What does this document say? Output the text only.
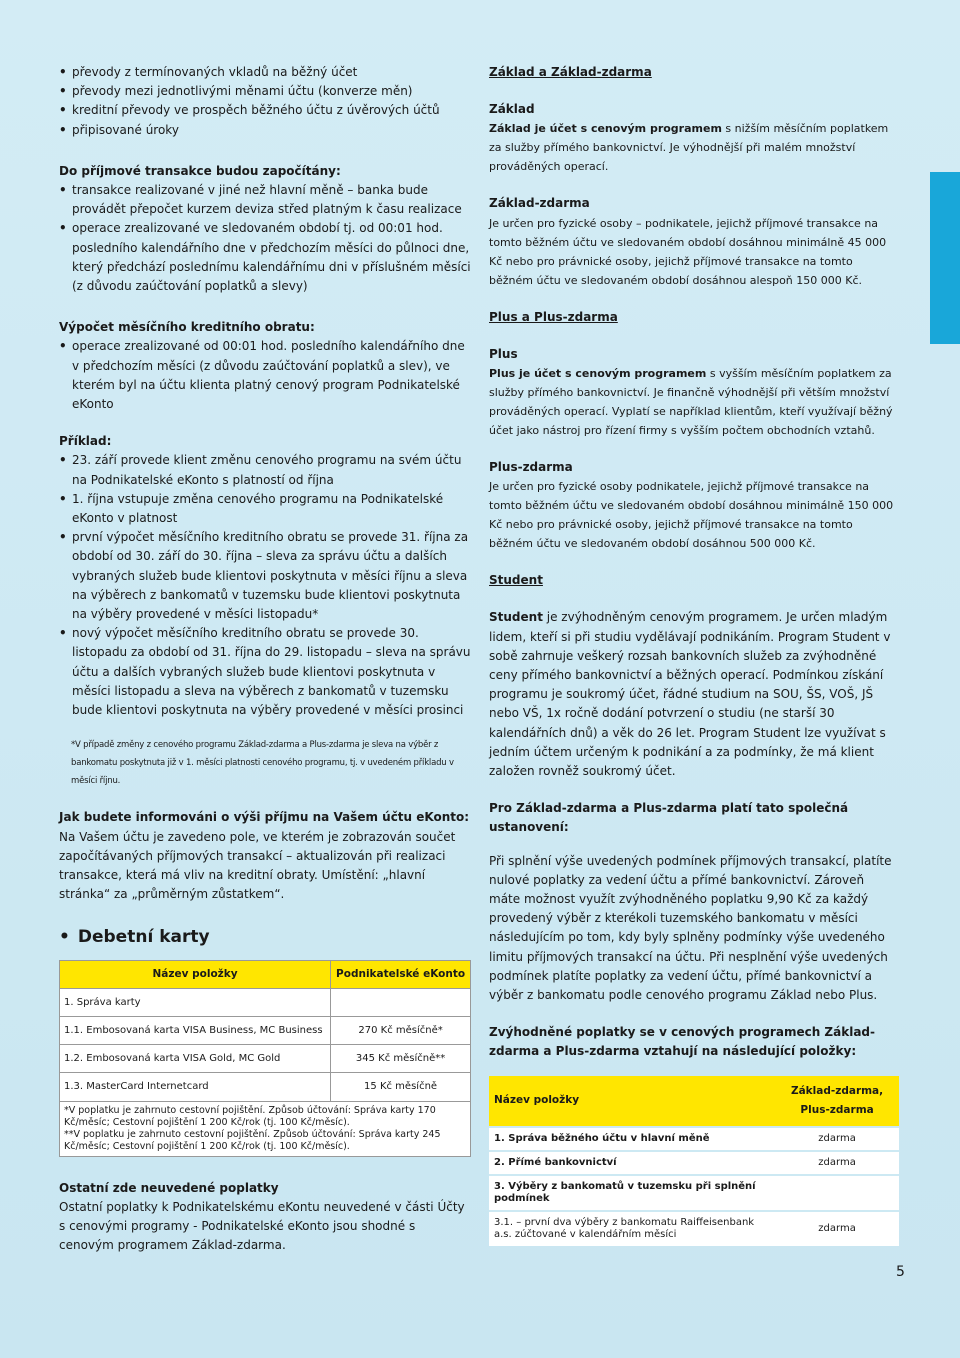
• převody z termínovaných vkladů na běžný účet
• převody mezi jednotlivými měnami účtu (konverze měn)
• kreditní převody ve prospěch běžného účtu z úvěrových účtů
• připisované úroky
Do příjmové transakce budou započítány:
• transakce realizované v jiné než hlavní měně – banka bude provádět přepočet kurzem deviza střed platným k času realizace
• operace zrealizované ve sledovaném období tj. od 00:01 hod. posledního kalendářního dne v předchozím měsíci do půlnoci dne, který předchází poslednímu kalendářnímu dni v příslušném měsíci (z důvodu zaúčtování poplatků a slevy)
Výpočet měsíčního kreditního obratu:
• operace zrealizované od 00:01 hod. posledního kalendářního dne v předchozím měsíci (z důvodu zaúčtování poplatků a slev), ve kterém byl na účtu klienta platný cenový program Podnikatelské eKonto
Příklad:
• 23. září provede klient změnu cenového programu na svém účtu na Podnikatelské eKonto s platností od října
• 1. října vstupuje změna cenového programu na Podnikatelské eKonto v platnost
• první výpočet měsíčního kreditního obratu se provede 31. října za období od 30. září do 30. října – sleva za správu účtu a dalších vybraných služeb bude klientovi poskytnuta v měsíci říjnu a sleva na výběrech z bankomatů v tuzemsku bude klientovi poskytnuta na výběry provedené v měsíci listopadu*
• nový výpočet měsíčního kreditního obratu se provede 30. listopadu za období od 31. října do 29. listopadu – sleva na správu účtu a dalších vybraných služeb bude klientovi poskytnuta v měsíci listopadu a sleva na výběrech z bankomatů v tuzemsku bude klientovi poskytnuta na výběry provedené v měsíci prosinci
*V případě změny z cenového programu Základ-zdarma a Plus-zdarma je sleva na výběr z bankomatu poskytnuta již v 1. měsíci platnosti cenového programu, tj. v uvedeném příkladu v měsíci říjnu.
Jak budete informováni o výši příjmu na Vašem účtu eKonto:
Na Vašem účtu je zavedeno pole, ve kterém je zobrazován součet započítávaných příjmových transakcí – aktualizován při realizaci transakce, která má vliv na kreditní obraty. Umístění: „hlavní stránka“ za „průměrným zůstatkem“.
• Debetní karty
Název položky	Podnikatelské eKonto
1. Správa karty	
1.1. Embosovaná karta VISA Business, MC Business	270 Kč měsíčně*
1.2. Embosovaná karta VISA Gold, MC Gold	345 Kč měsíčně**
1.3. MasterCard Internetcard	15 Kč měsíčně
*V poplatku je zahrnuto cestovní pojištění. Způsob účtování: Správa karty 170 Kč/měsíc; Cestovní pojištění 1 200 Kč/rok (tj. 100 Kč/měsíc).
**V poplatku je zahrnuto cestovní pojištění. Způsob účtování: Správa karty 245 Kč/měsíc; Cestovní pojištění 1 200 Kč/rok (tj. 100 Kč/měsíc).
Ostatní zde neuvedené poplatky
Ostatní poplatky k Podnikatelskému eKontu neuvedené v části Účty s cenovými programy - Podnikatelské eKonto jsou shodné s cenovým programem Základ-zdarma.
Základ a Základ-zdarma
Základ
Základ je účet s cenovým programem s nižším měsíčním poplatkem za služby přímého bankovnictví. Je výhodnější při malém množství prováděných operací.
Základ-zdarma
Je určen pro fyzické osoby – podnikatele, jejichž příjmové transakce na tomto běžném účtu ve sledovaném období dosáhnou minimálně 45 000 Kč nebo pro právnické osoby, jejichž příjmové transakce na tomto běžném účtu ve sledovaném období dosáhnou alespoň 150 000 Kč.
Plus a Plus-zdarma
Plus
Plus je účet s cenovým programem s vyšším měsíčním poplatkem za služby přímého bankovnictví. Je finančně výhodnější při větším množství prováděných operací. Vyplatí se například klientům, kteří využívají běžný účet jako nástroj pro řízení firmy s vyšším počtem obchodních vztahů.
Plus-zdarma
Je určen pro fyzické osoby podnikatele, jejichž příjmové transakce na tomto běžném účtu ve sledovaném období dosáhnou minimálně 150 000 Kč nebo pro právnické osoby, jejichž příjmové transakce na tomto běžném účtu ve sledovaném období dosáhnou 500 000 Kč.
Student
Student je zvýhodněným cenovým programem. Je určen mladým lidem, kteří si při studiu vydělávají podnikáním. Program Student v sobě zahrnuje veškerý rozsah bankovních služeb za zvýhodněné ceny přímého bankovnictví a běžných operací. Podmínkou získání programu je soukromý účet, řádné studium na SOU, ŠS, VOŠ, JŠ nebo VŠ, 1x ročně dodání potvrzení o studiu (ne starší 30 kalendářních dnů) a věk do 26 let. Program Student lze využívat s jedním účtem určeným k podnikání a za podmínky, že má klient založen rovněž soukromý účet.
Pro Základ-zdarma a Plus-zdarma platí tato společná ustanovení:
Při splnění výše uvedených podmínek příjmových transakcí, platíte nulové poplatky za vedení účtu a přímé bankovnictví. Zároveň máte možnost využít zvýhodněného poplatku 9,90 Kč za každý provedený výběr z kterékoli tuzemského bankomatu v měsíci následujícím po tom, kdy byly splněny podmínky výše uvedeného limitu příjmových transakcí na účtu. Při nesplnění výše uvedených podmínek platíte poplatky za vedení účtu, přímé bankovnictví a výběr z bankomatu podle cenového programu Základ nebo Plus.
Zvýhodněné poplatky se v cenových programech Základ-zdarma a Plus-zdarma vztahují na následující položky:
Název položky	Základ-zdarma, Plus-zdarma
1. Správa běžného účtu v hlavní měně	zdarma
2. Přímé bankovnictví	zdarma
3. Výběry z bankomatů v tuzemsku při splnění podmínek	
3.1. – první dva výběry z bankomatu Raiffeisenbank a.s. zúčtované v kalendářním měsíci	zdarma
5
